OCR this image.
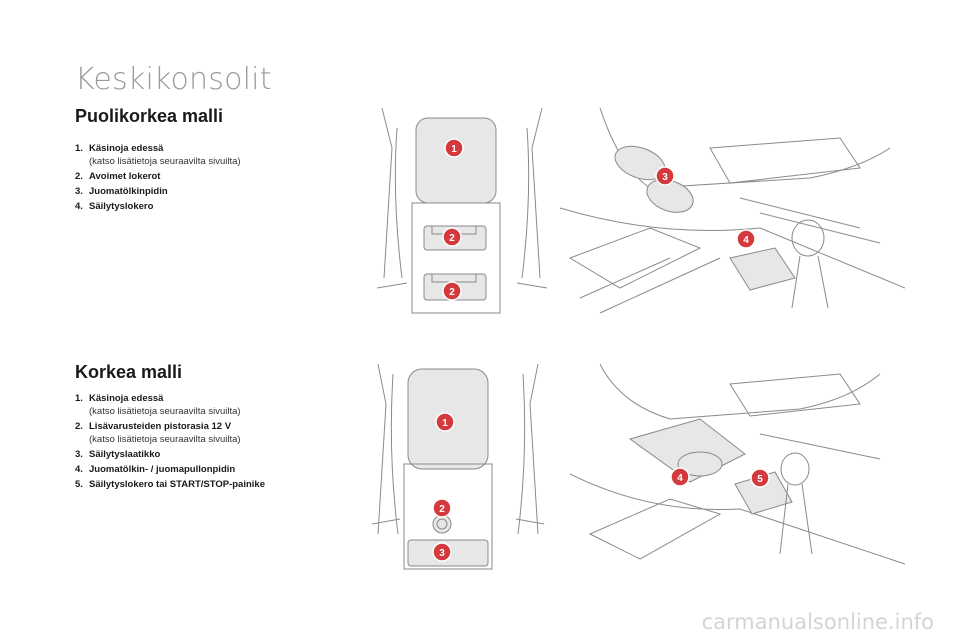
Keskikonsolit
Puolikorkea malli
1. Käsinoja edessä
(katso lisätietoja seuraavilta sivuilta)
2. Avoimet lokerot
3. Juomatölkinpidin
4. Säilytyslokero
Korkea malli
1. Käsinoja edessä
(katso lisätietoja seuraavilta sivuilta)
2. Lisävarusteiden pistorasia 12 V
(katso lisätietoja seuraavilta sivuilta)
3. Säilytyslaatikko
4. Juomatölkin- / juomapullonpidin
5. Säilytyslokero tai START/STOP-painike
1
2
2
3
4
1
2
3
4	5
carmanualsonline.info
